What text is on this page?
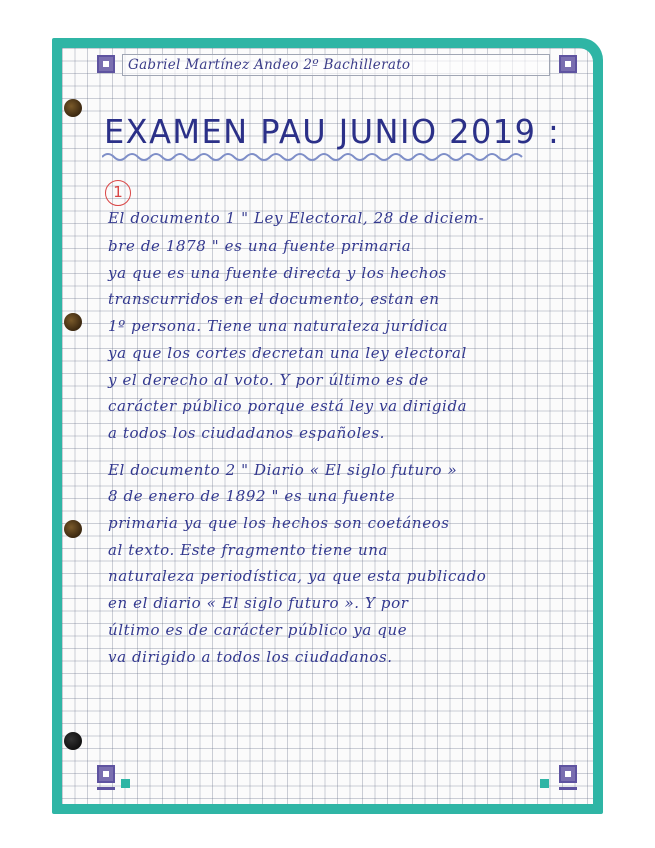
Gabriel Martínez Andeo 2º Bachillerato
EXAMEN PAU JUNIO 2019 :
1
El documento 1 " Ley Electoral, 28 de diciem-
bre de 1878 " es una fuente primaria
ya que es una fuente directa y los hechos
transcurridos en el documento, estan en
1º persona. Tiene una naturaleza jurídica
ya que los cortes decretan una ley electoral
y el derecho al voto. Y por último es de
carácter público porque está ley va dirigida
a todos los ciudadanos españoles.
El documento 2 " Diario « El siglo futuro »
8 de enero de 1892 " es una fuente
primaria ya que los hechos son coetáneos
al texto. Este fragmento tiene una
naturaleza periodística, ya que esta publicado
en el diario « El siglo futuro ». Y por
último es de carácter público ya que
va dirigido a todos los ciudadanos.
